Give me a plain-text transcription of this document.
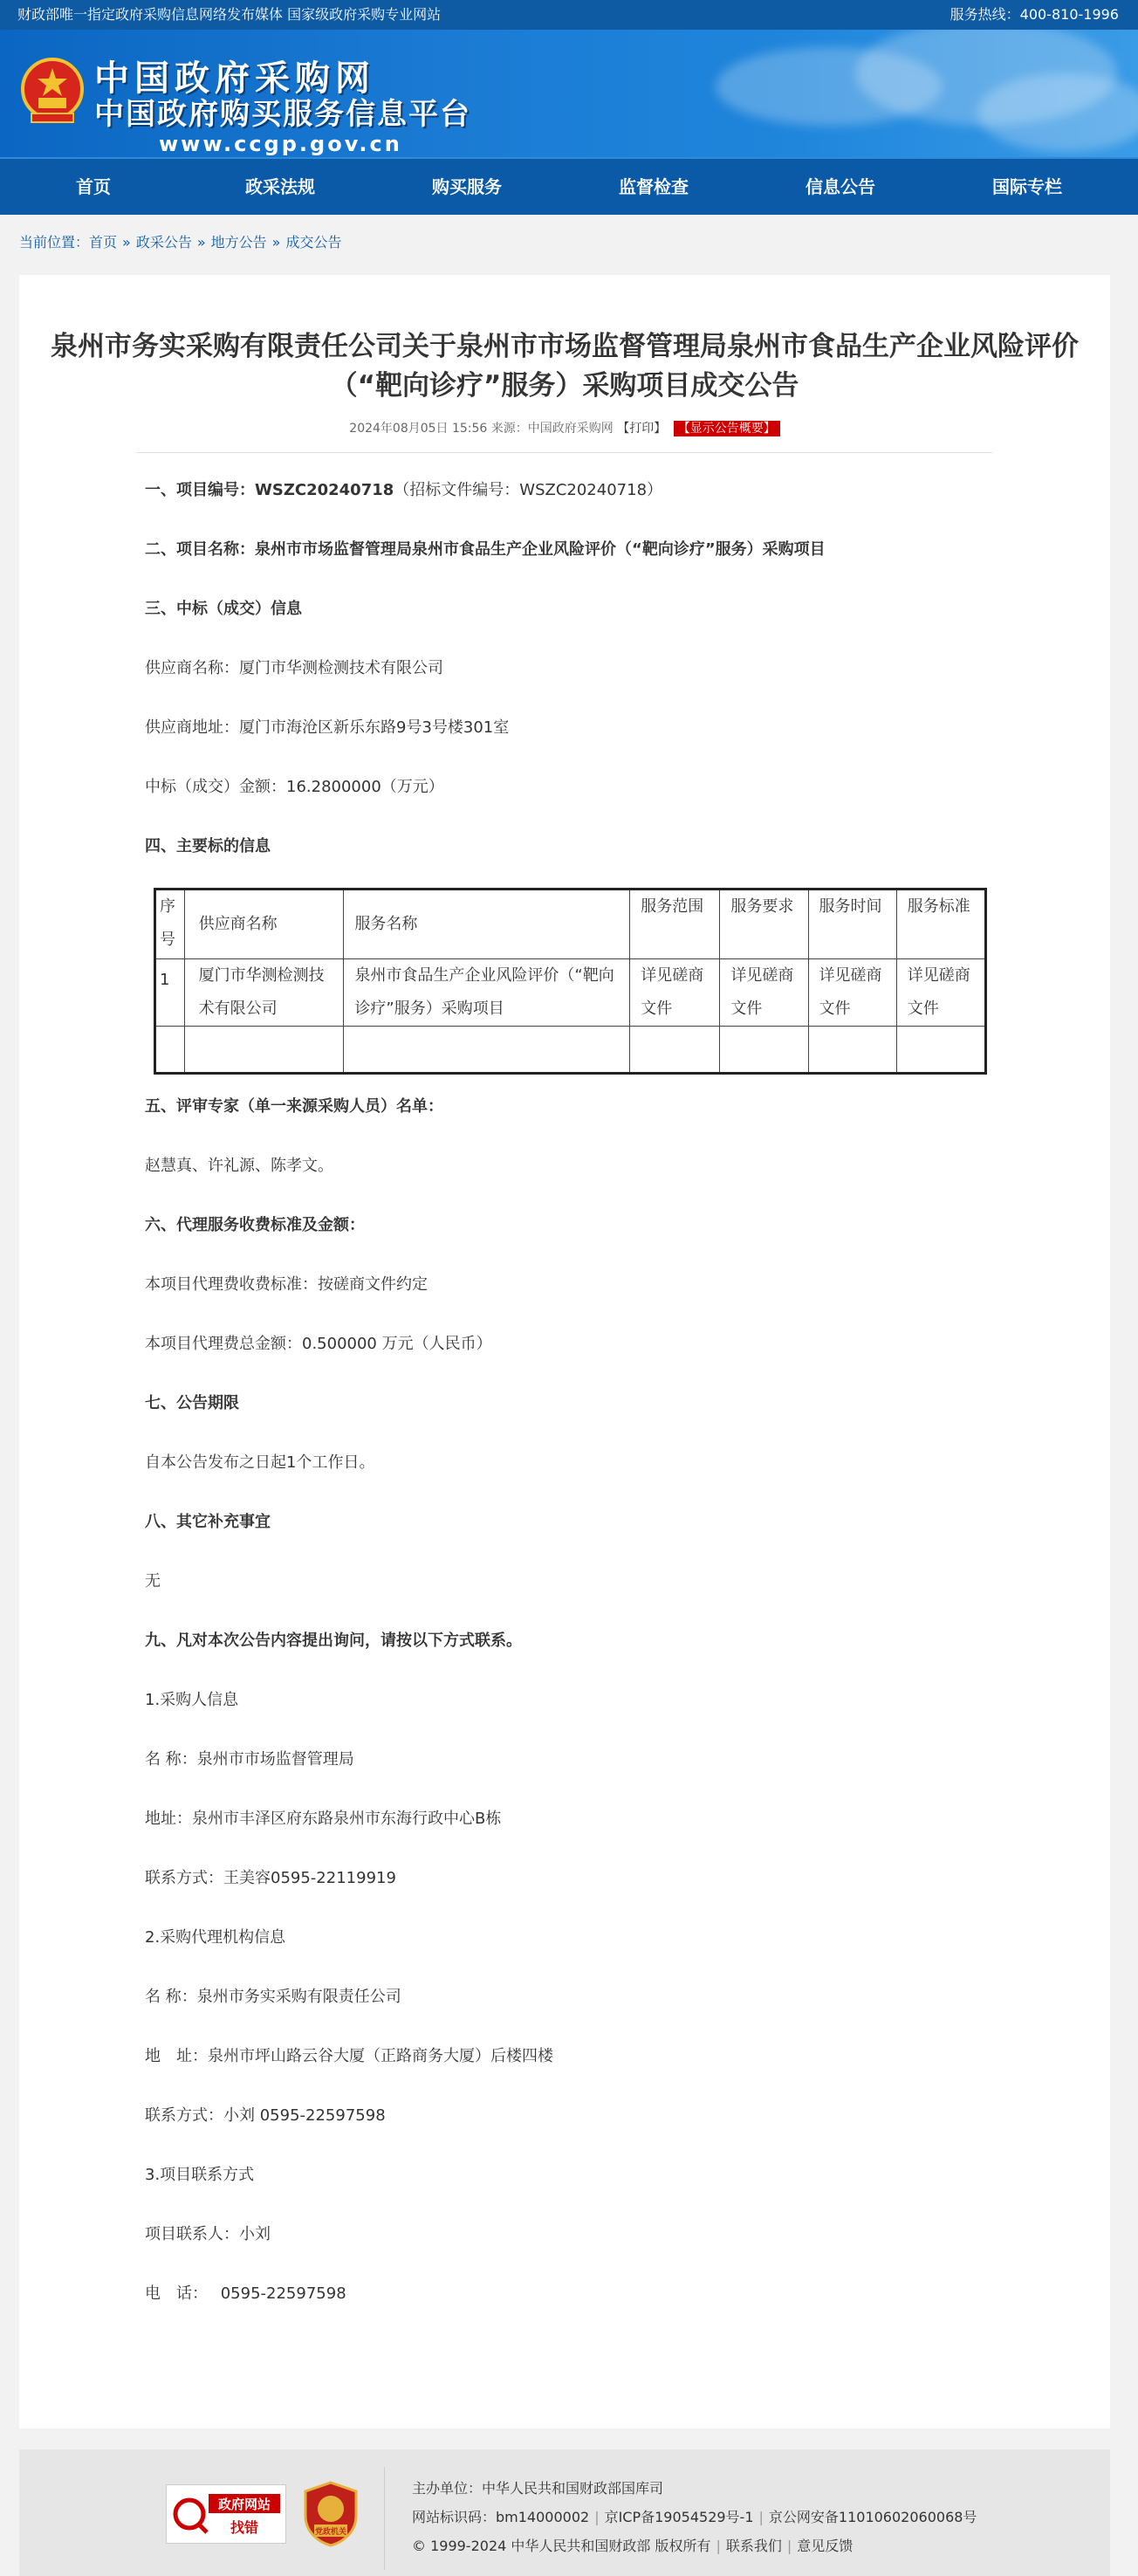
财政部唯一指定政府采购信息网络发布媒体 国家级政府采购专业网站	服务热线：400-810-1996
中国政府采购网
中国政府购买服务信息平台
www.ccgp.gov.cn
首页	政采法规	购买服务	监督检查	信息公告	国际专栏
当前位置：首页 » 政采公告 » 地方公告 » 成交公告
泉州市务实采购有限责任公司关于泉州市市场监督管理局泉州市食品生产企业风险评价（“靶向诊疗”服务）采购项目成交公告
2024年08月05日 15:56 来源：中国政府采购网 【打印】 【显示公告概要】

一、项目编号：WSZC20240718 （招标文件编号：WSZC20240718）

二、项目名称：泉州市市场监督管理局泉州市食品生产企业风险评价（“靶向诊疗”服务）采购项目

三、中标（成交）信息

供应商名称：厦门市华测检测技术有限公司

供应商地址：厦门市海沧区新乐东路9号3号楼301室

中标（成交）金额：16.2800000（万元）

四、主要标的信息

序号	供应商名称	服务名称	服务范围	服务要求	服务时间	服务标准
1	厦门市华测检测技术有限公司	泉州市食品生产企业风险评价（“靶向诊疗”服务）采购项目	详见磋商文件	详见磋商文件	详见磋商文件	详见磋商文件

五、评审专家（单一来源采购人员）名单：

赵慧真、许礼源、陈孝文。

六、代理服务收费标准及金额：

本项目代理费收费标准：按磋商文件约定

本项目代理费总金额：0.500000 万元（人民币）

七、公告期限

自本公告发布之日起1个工作日。

八、其它补充事宜

无

九、凡对本次公告内容提出询问，请按以下方式联系。

1.采购人信息

名 称：泉州市市场监督管理局

地址：泉州市丰泽区府东路泉州市东海行政中心B栋

联系方式：王美容0595-22119919

2.采购代理机构信息

名 称：泉州市务实采购有限责任公司

地　址：泉州市坪山路云谷大厦（正路商务大厦）后楼四楼

联系方式：小刘 0595-22597598

3.项目联系方式

项目联系人：小刘

电　话：　 0595-22597598

政府网站
找错	党政机关
主办单位：中华人民共和国财政部国库司
网站标识码：bm14000002 | 京ICP备19054529号-1 | 京公网安备11010602060068号
© 1999-2024 中华人民共和国财政部 版权所有 | 联系我们 | 意见反馈
